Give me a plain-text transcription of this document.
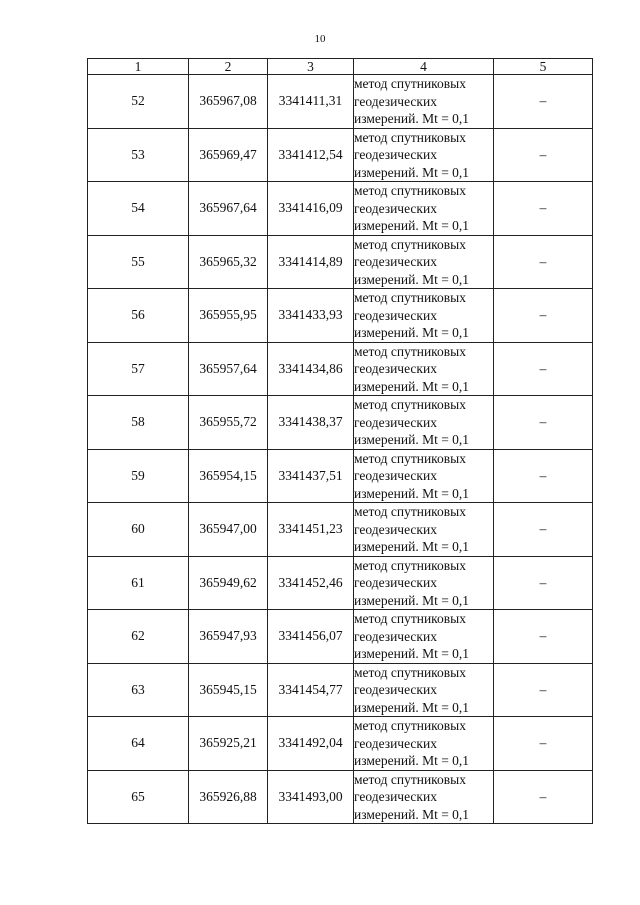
10
1	2	3	4	5
52	365967,08	3341411,31	метод спутниковых
геодезических
измерений. Mt = 0,1	–
53	365969,47	3341412,54	метод спутниковых
геодезических
измерений. Mt = 0,1	–
54	365967,64	3341416,09	метод спутниковых
геодезических
измерений. Mt = 0,1	–
55	365965,32	3341414,89	метод спутниковых
геодезических
измерений. Mt = 0,1	–
56	365955,95	3341433,93	метод спутниковых
геодезических
измерений. Mt = 0,1	–
57	365957,64	3341434,86	метод спутниковых
геодезических
измерений. Mt = 0,1	–
58	365955,72	3341438,37	метод спутниковых
геодезических
измерений. Mt = 0,1	–
59	365954,15	3341437,51	метод спутниковых
геодезических
измерений. Mt = 0,1	–
60	365947,00	3341451,23	метод спутниковых
геодезических
измерений. Mt = 0,1	–
61	365949,62	3341452,46	метод спутниковых
геодезических
измерений. Mt = 0,1	–
62	365947,93	3341456,07	метод спутниковых
геодезических
измерений. Mt = 0,1	–
63	365945,15	3341454,77	метод спутниковых
геодезических
измерений. Mt = 0,1	–
64	365925,21	3341492,04	метод спутниковых
геодезических
измерений. Mt = 0,1	–
65	365926,88	3341493,00	метод спутниковых
геодезических
измерений. Mt = 0,1	–
